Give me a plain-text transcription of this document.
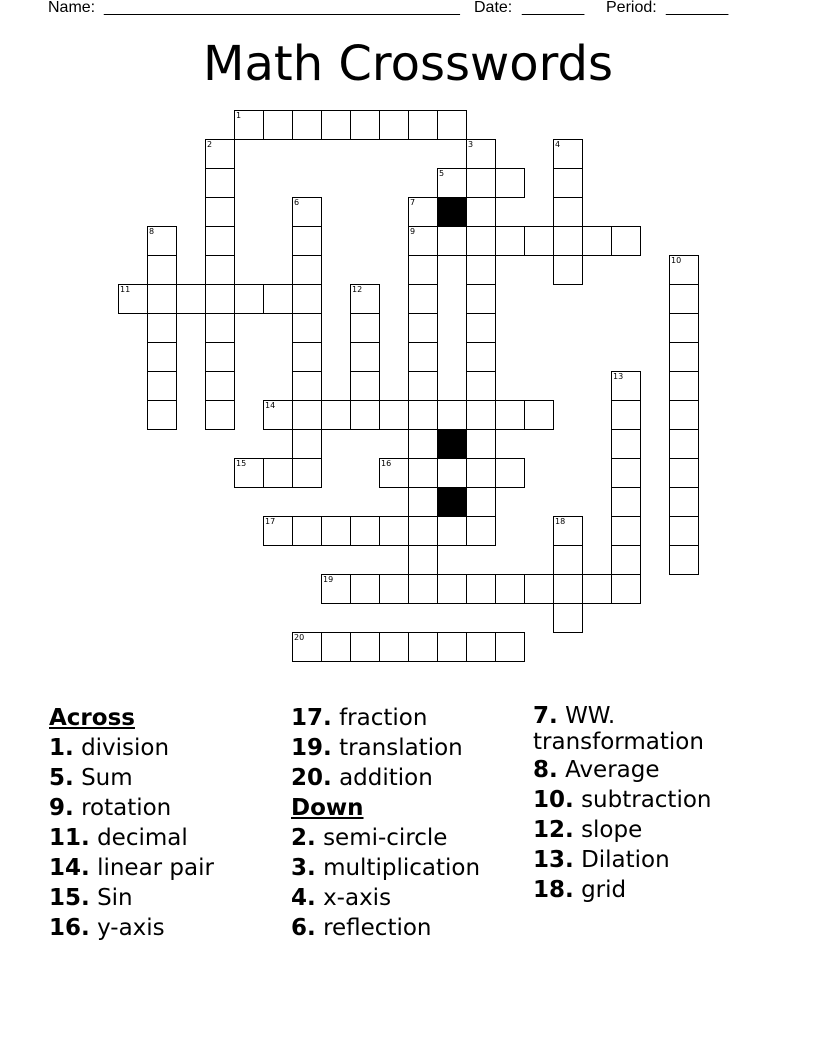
Name: ________________________________________ Date: _______ Period: _______
Math Crosswords
1
2	3	4
5
6	7
9
8
10
11	12
13
14
15	16
17	18
19
20
Across
1. division
5. Sum
9. rotation
11. decimal
14. linear pair
15. Sin
16. y-axis
17. fraction
19. translation
20. addition
Down
2. semi-circle
3. multiplication
4. x-axis
6. reflection
7. WW. transformation
8. Average
10. subtraction
12. slope
13. Dilation
18. grid
